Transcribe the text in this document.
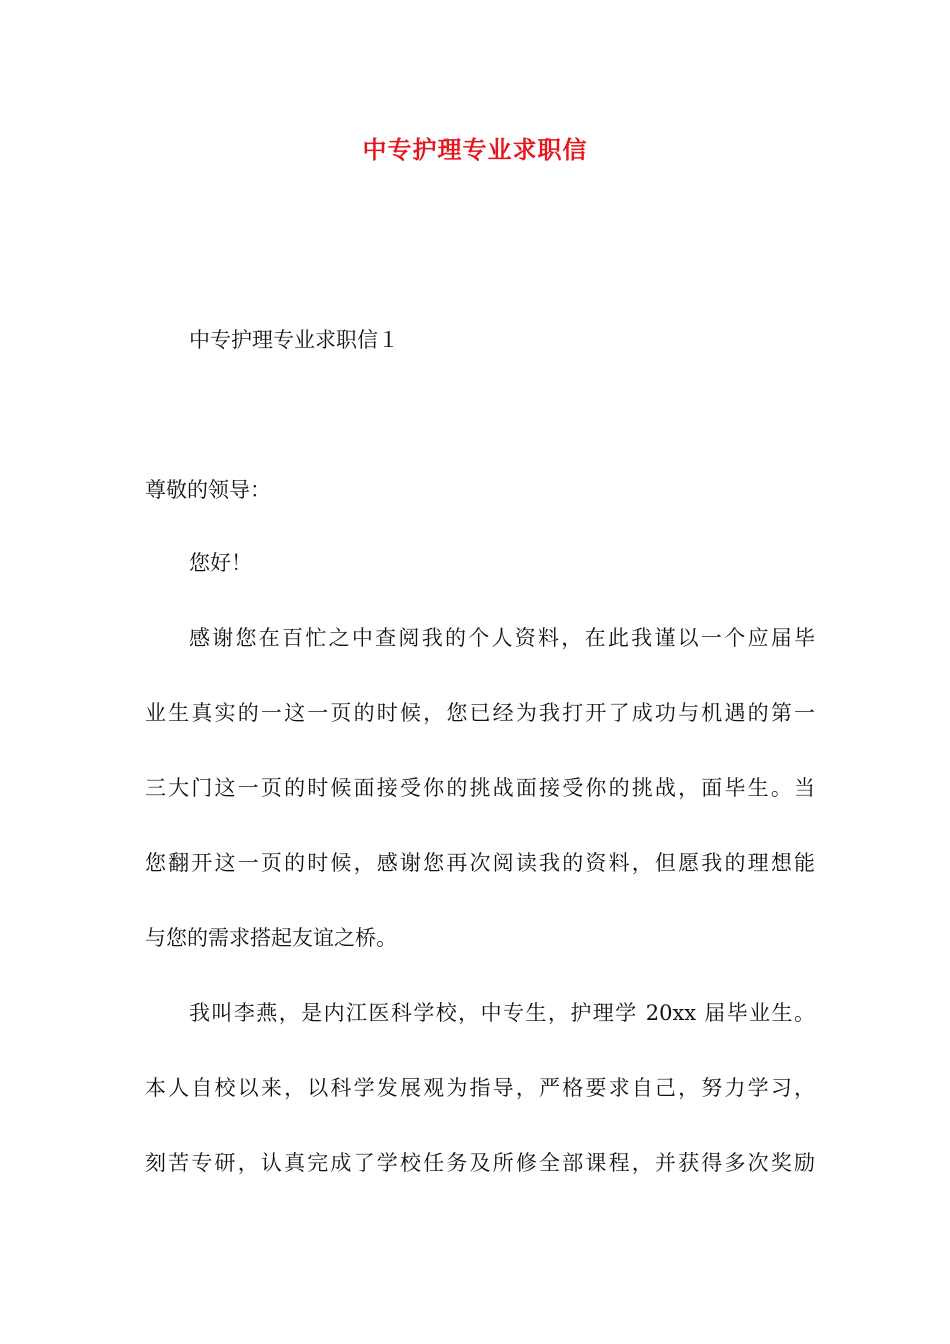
中专护理专业求职信
中专护理专业求职信１
尊敬的领导：
您好！
感谢您在百忙之中查阅我的个人资料，在此我谨以一个应届毕
业生真实的一这一页的时候，您已经为我打开了成功与机遇的第一
三大门这一页的时候面接受你的挑战面接受你的挑战，面毕生。当
您翻开这一页的时候，感谢您再次阅读我的资料，但愿我的理想能
与您的需求搭起友谊之桥。
我叫李燕，是内江医科学校，中专生，护理学 20xx 届毕业生。
本人自校以来，以科学发展观为指导，严格要求自己，努力学习，
刻苦专研，认真完成了学校任务及所修全部课程，并获得多次奖励
